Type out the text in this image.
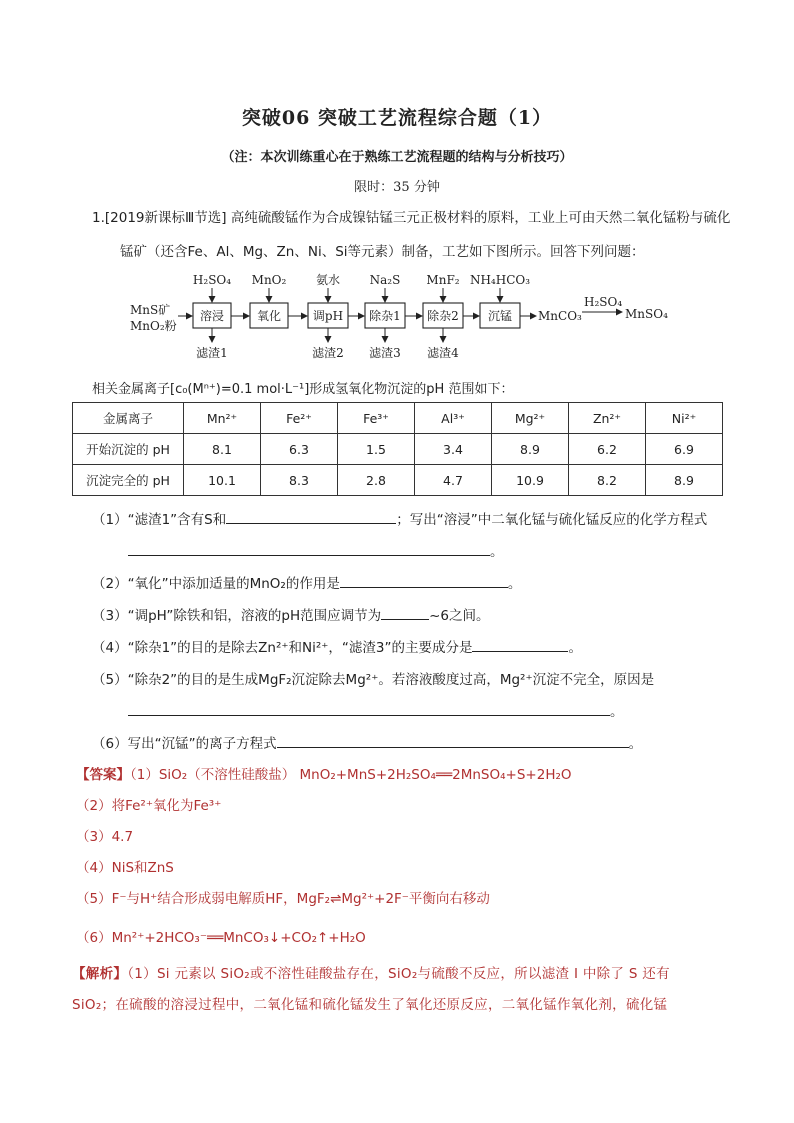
突破06 突破工艺流程综合题（1）
（注：本次训练重心在于熟练工艺流程题的结构与分析技巧）
限时：35 分钟
1.[2019新课标Ⅲ节选] 高纯硫酸锰作为合成镍钴锰三元正极材料的原料，工业上可由天然二氧化锰粉与硫化
锰矿（还含Fe、Al、Mg、Zn、Ni、Si等元素）制备，工艺如下图所示。回答下列问题：
MnS矿
MnO₂粉
溶浸	氧化	调pH 除杂1 除杂2 沉锰 MnCO₃
H₂SO₄
MnSO₄
H₂SO₄ MnO₂ 氨水 Na₂S MnF₂ NH₄HCO₃
滤渣1	滤渣2 滤渣3 滤渣4
相关金属离子[c₀(Mⁿ⁺)=0.1 mol·L⁻¹]形成氢氧化物沉淀的pH 范围如下：
金属离子	Mn²⁺	Fe²⁺	Fe³⁺	Al³⁺	Mg²⁺	Zn²⁺	Ni²⁺
开始沉淀的 pH	8.1	6.3	1.5	3.4	8.9	6.2	6.9
沉淀完全的 pH	10.1	8.3	2.8	4.7	10.9	8.2	8.9
（1）“滤渣1”含有S和	；写出“溶浸”中二氧化锰与硫化锰反应的化学方程式
。
（2）“氧化”中添加适量的MnO₂的作用是	。
（3）“调pH”除铁和铝，溶液的pH范围应调节为	~6之间。
（4）“除杂1”的目的是除去Zn²⁺和Ni²⁺，“滤渣3”的主要成分是	。
（5）“除杂2”的目的是生成MgF₂沉淀除去Mg²⁺。若溶液酸度过高，Mg²⁺沉淀不完全，原因是
。
（6）写出“沉锰”的离子方程式	。
【答案】（1）SiO₂（不溶性硅酸盐） MnO₂+MnS+2H₂SO₄══2MnSO₄+S+2H₂O
（2）将Fe²⁺氧化为Fe³⁺
（3）4.7
（4）NiS和ZnS
（5）F⁻与H⁺结合形成弱电解质HF，MgF₂⇌Mg²⁺+2F⁻平衡向右移动
（6）Mn²⁺+2HCO₃⁻══MnCO₃↓+CO₂↑+H₂O
【解析】（1）Si 元素以 SiO₂或不溶性硅酸盐存在，SiO₂与硫酸不反应，所以滤渣 I 中除了 S 还有
SiO₂；在硫酸的溶浸过程中，二氧化锰和硫化锰发生了氧化还原反应，二氧化锰作氧化剂，硫化锰
